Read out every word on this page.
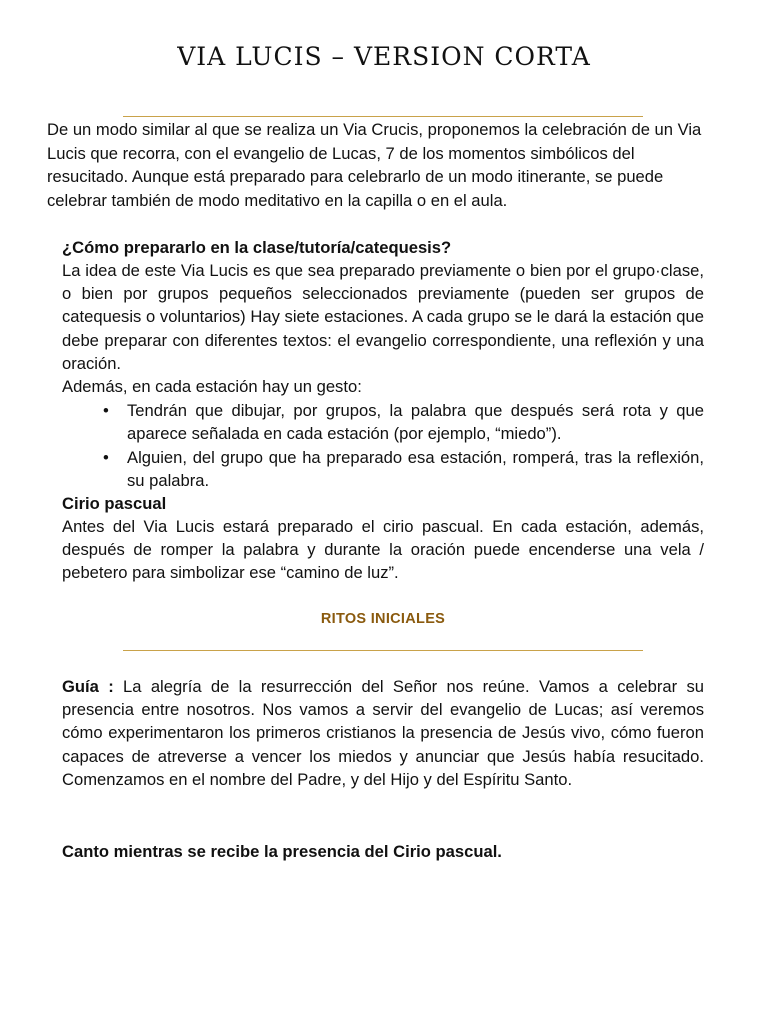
VIA LUCIS – VERSION CORTA
De un modo similar al que se realiza un Via Crucis, proponemos la celebración de un Via Lucis que recorra, con el evangelio de Lucas, 7 de los momentos simbólicos del resucitado. Aunque está preparado para celebrarlo de un modo itinerante, se puede celebrar también de modo meditativo en la capilla o en el aula.
¿Cómo prepararlo en la clase/tutoría/catequesis?
La idea de este Via Lucis es que sea preparado previamente o bien por el grupo·clase, o bien por grupos pequeños seleccionados previamente (pueden ser grupos de catequesis o voluntarios) Hay siete estaciones. A cada grupo se le dará la estación que debe preparar con diferentes textos: el evangelio correspondiente, una reflexión y una oración.
Además, en cada estación hay un gesto:
• Tendrán que dibujar, por grupos, la palabra que después será rota y que aparece señalada en cada estación (por ejemplo, “miedo”).
• Alguien, del grupo que ha preparado esa estación, romperá, tras la reflexión, su palabra.
Cirio pascual
Antes del Via Lucis estará preparado el cirio pascual. En cada estación, además, después de romper la palabra y durante la oración puede encenderse una vela / pebetero para simbolizar ese “camino de luz”.
RITOS INICIALES
Guía : La alegría de la resurrección del Señor nos reúne. Vamos a celebrar su presencia entre nosotros. Nos vamos a servir del evangelio de Lucas; así veremos cómo experimentaron los primeros cristianos la presencia de Jesús vivo, cómo fueron capaces de atreverse a vencer los miedos y anunciar que Jesús había resucitado. Comenzamos en el nombre del Padre, y del Hijo y del Espíritu Santo.
Canto mientras se recibe la presencia del Cirio pascual.
